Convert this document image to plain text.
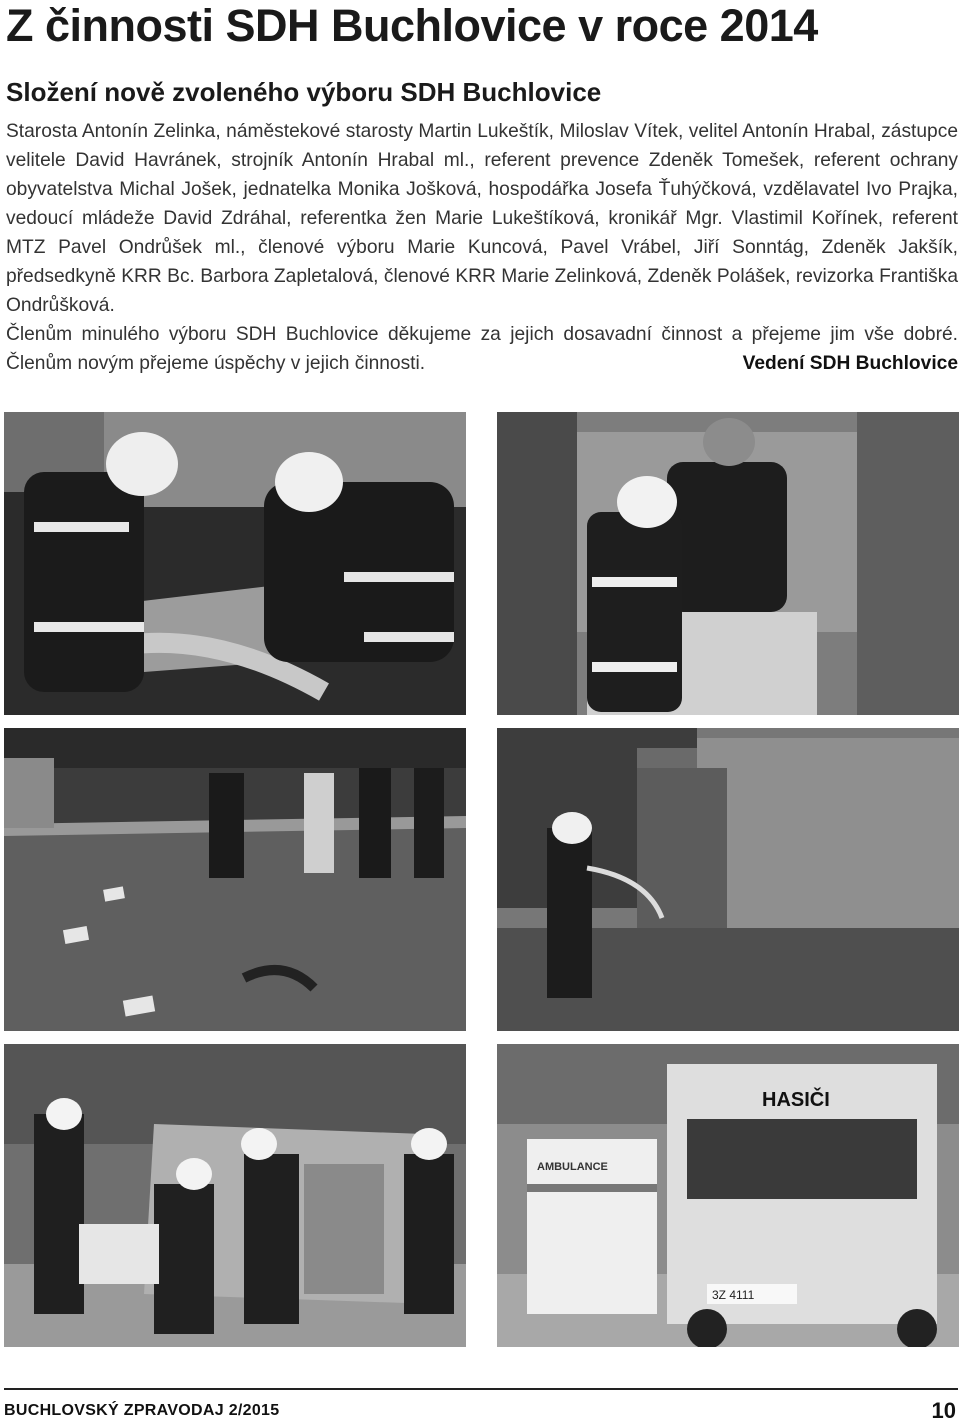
Z činnosti SDH Buchlovice v roce 2014
Složení nově zvoleného výboru SDH Buchlovice

Starosta Antonín Zelinka, náměstekové starosty Martin Lukeštík, Miloslav Vítek, velitel Antonín Hrabal, zástupce velitele David Havránek, strojník Antonín Hrabal ml., referent prevence Zdeněk Tomešek, referent ochrany obyvatelstva Michal Jošek, jednatelka Monika Jošková, hospodářka Josefa Ťuhýčková, vzdělavatel Ivo Prajka, vedoucí mládeže David Zdráhal, referentka žen Marie Lukeštíková, kronikář Mgr. Vlastimil Kořínek, referent MTZ Pavel Ondrůšek ml., členové výboru Marie Kuncová, Pavel Vrábel, Jiří Sonntág, Zdeněk Jakšík, předsedkyně KRR Bc. Barbora Zapletalová, členové KRR Marie Zelinková, Zdeněk Polášek, revizorka Františka Ondrůšková.

Členům minulého výboru SDH Buchlovice děkujeme za jejich dosavadní činnost a přejeme jim vše dobré. Členům novým přejeme úspěchy v jejich činnosti.	Vedení SDH Buchlovice

AMBULANCE
HASIČI
3Z 4111
BUCHLOVSKÝ ZPRAVODAJ 2/2015	10
